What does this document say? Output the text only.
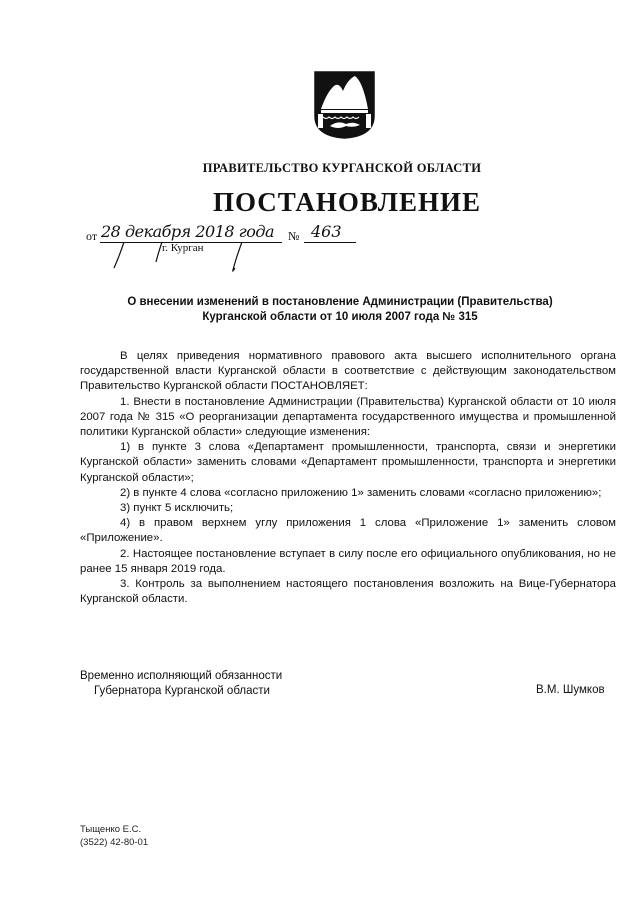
ПРАВИТЕЛЬСТВО КУРГАНСКОЙ ОБЛАСТИ
ПОСТАНОВЛЕНИЕ
от 28 декабря 2018 года № 463
г. Курган
О внесении изменений в постановление Администрации (Правительства)
Курганской области от 10 июля 2007 года № 315

В целях приведения нормативного правового акта высшего исполнительного органа государственной власти Курганской области в соответствие с действующим законодательством Правительство Курганской области ПОСТАНОВЛЯЕТ:

1. Внести в постановление Администрации (Правительства) Курганской области от 10 июля 2007 года № 315 «О реорганизации департамента государственного имущества и промышленной политики Курганской области» следующие изменения:

1) в пункте 3 слова «Департамент промышленности, транспорта, связи и энергетики Курганской области» заменить словами «Департамент промышленности, транспорта и энергетики Курганской области»;

2) в пункте 4 слова «согласно приложению 1» заменить словами «согласно приложению»;

3) пункт 5 исключить;

4) в правом верхнем углу приложения 1 слова «Приложение 1» заменить словом «Приложение».

2. Настоящее постановление вступает в силу после его официального опубликования, но не ранее 15 января 2019 года.

3. Контроль за выполнением настоящего постановления возложить на Вице-Губернатора Курганской области.

Временно исполняющий обязанности
Губернатора Курганской области	В.М. Шумков
Тыщенко Е.С.
(3522) 42-80-01
